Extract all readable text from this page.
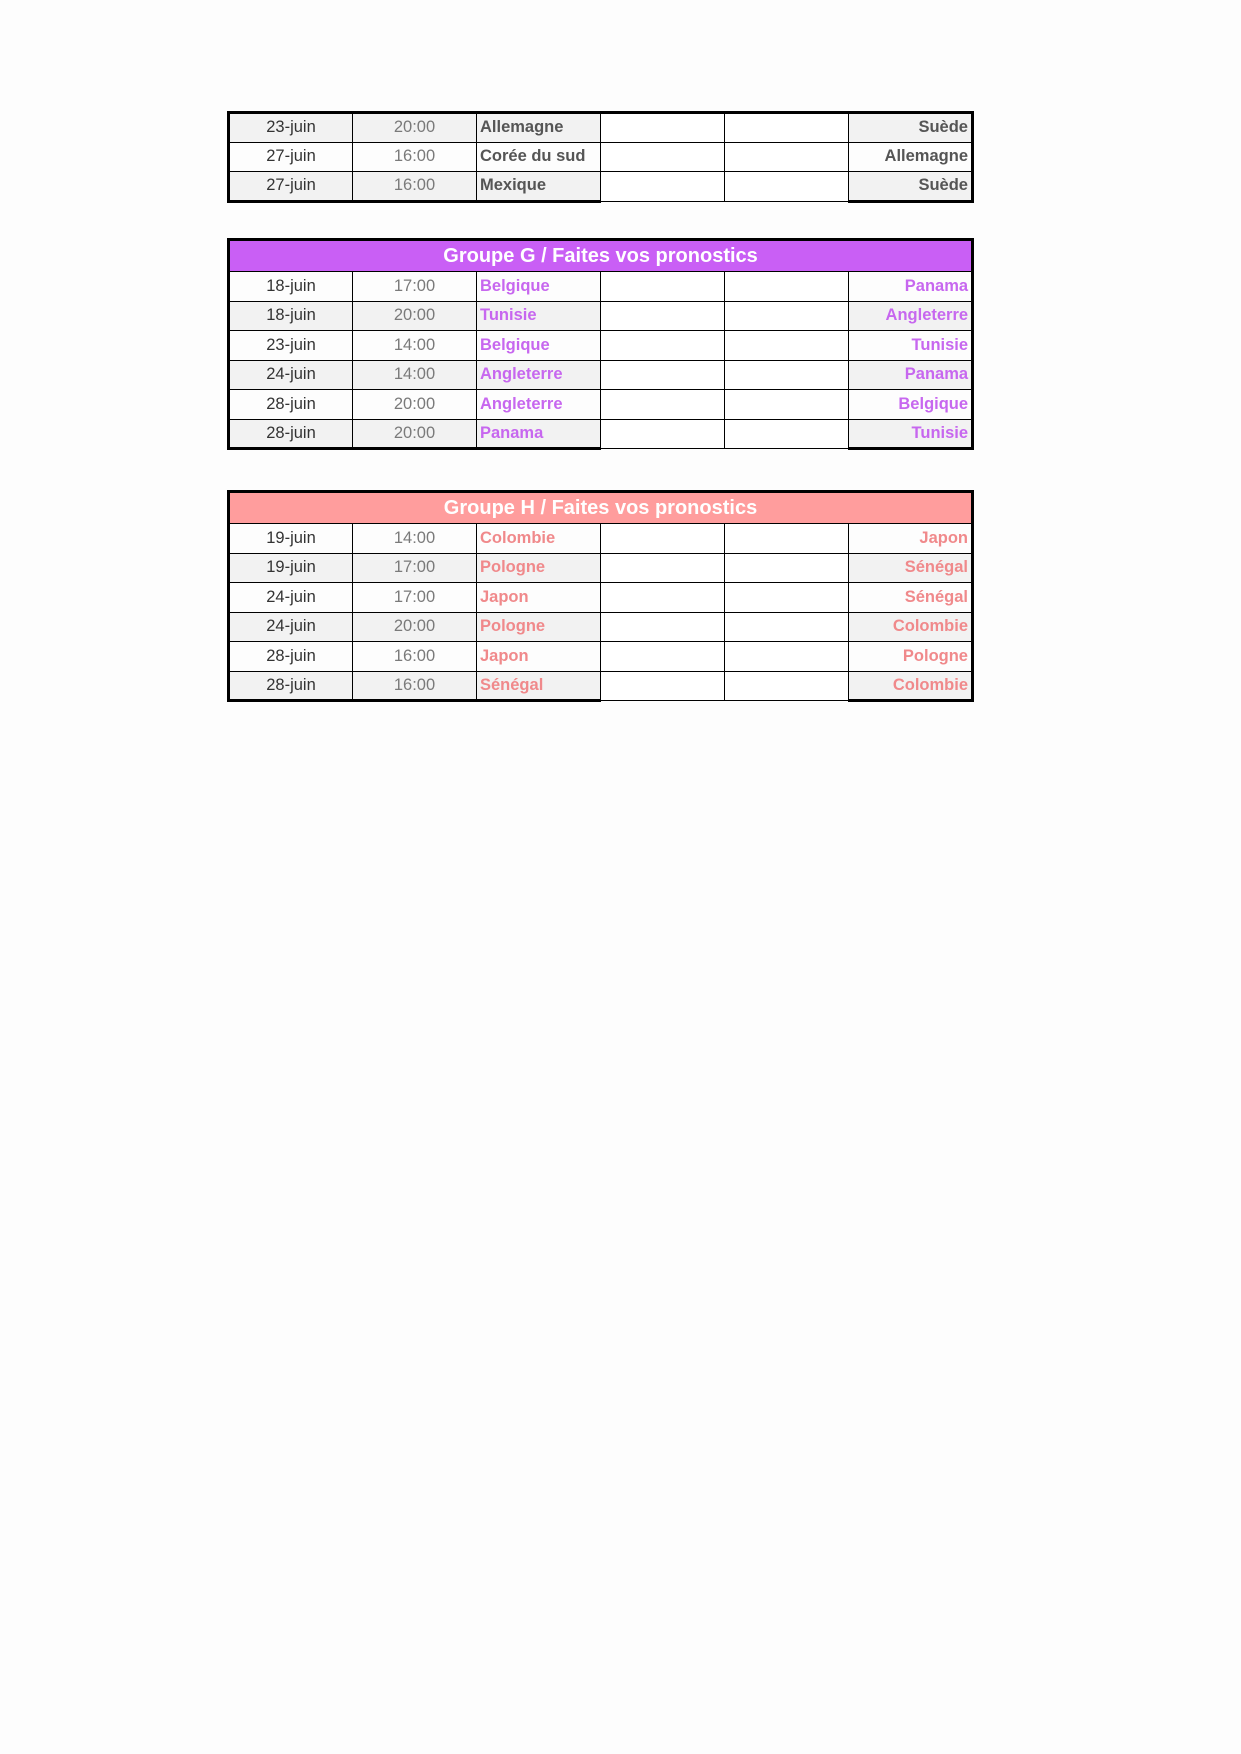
23-juin	20:00	Allemagne			Suède
27-juin	16:00	Corée du sud			Allemagne
27-juin	16:00	Mexique			Suède
Groupe G / Faites vos pronostics					
18-juin	17:00	Belgique			Panama
18-juin	20:00	Tunisie			Angleterre
23-juin	14:00	Belgique			Tunisie
24-juin	14:00	Angleterre			Panama
28-juin	20:00	Angleterre			Belgique
28-juin	20:00	Panama			Tunisie
Groupe H / Faites vos pronostics					
19-juin	14:00	Colombie			Japon
19-juin	17:00	Pologne			Sénégal
24-juin	17:00	Japon			Sénégal
24-juin	20:00	Pologne			Colombie
28-juin	16:00	Japon			Pologne
28-juin	16:00	Sénégal			Colombie
